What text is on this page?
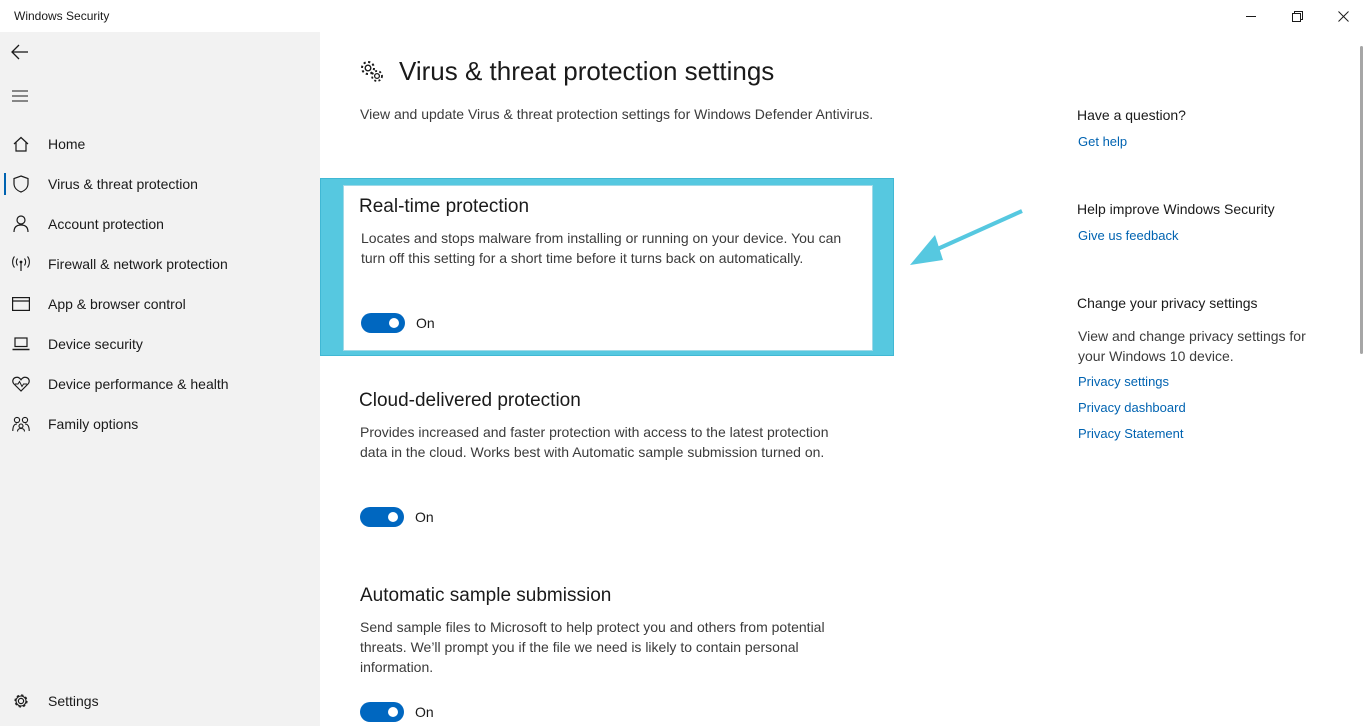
Windows Security
Home
Virus & threat protection
Account protection
Firewall & network protection
App & browser control
Device security
Device performance & health
Family options
Settings
Virus & threat protection settings

View and update Virus & threat protection settings for Windows Defender Antivirus.

Real-time protection
Locates and stops malware from installing or running on your device. You can turn off this setting for a short time before it turns back on automatically.
On
Cloud-delivered protection
Provides increased and faster protection with access to the latest protection data in the cloud. Works best with Automatic sample submission turned on.
On
Automatic sample submission
Send sample files to Microsoft to help protect you and others from potential threats. We’ll prompt you if the file we need is likely to contain personal information.
On
Have a question?
Get help
Help improve Windows Security
Give us feedback
Change your privacy settings
View and change privacy settings for your Windows 10 device.
Privacy settings
Privacy dashboard
Privacy Statement
